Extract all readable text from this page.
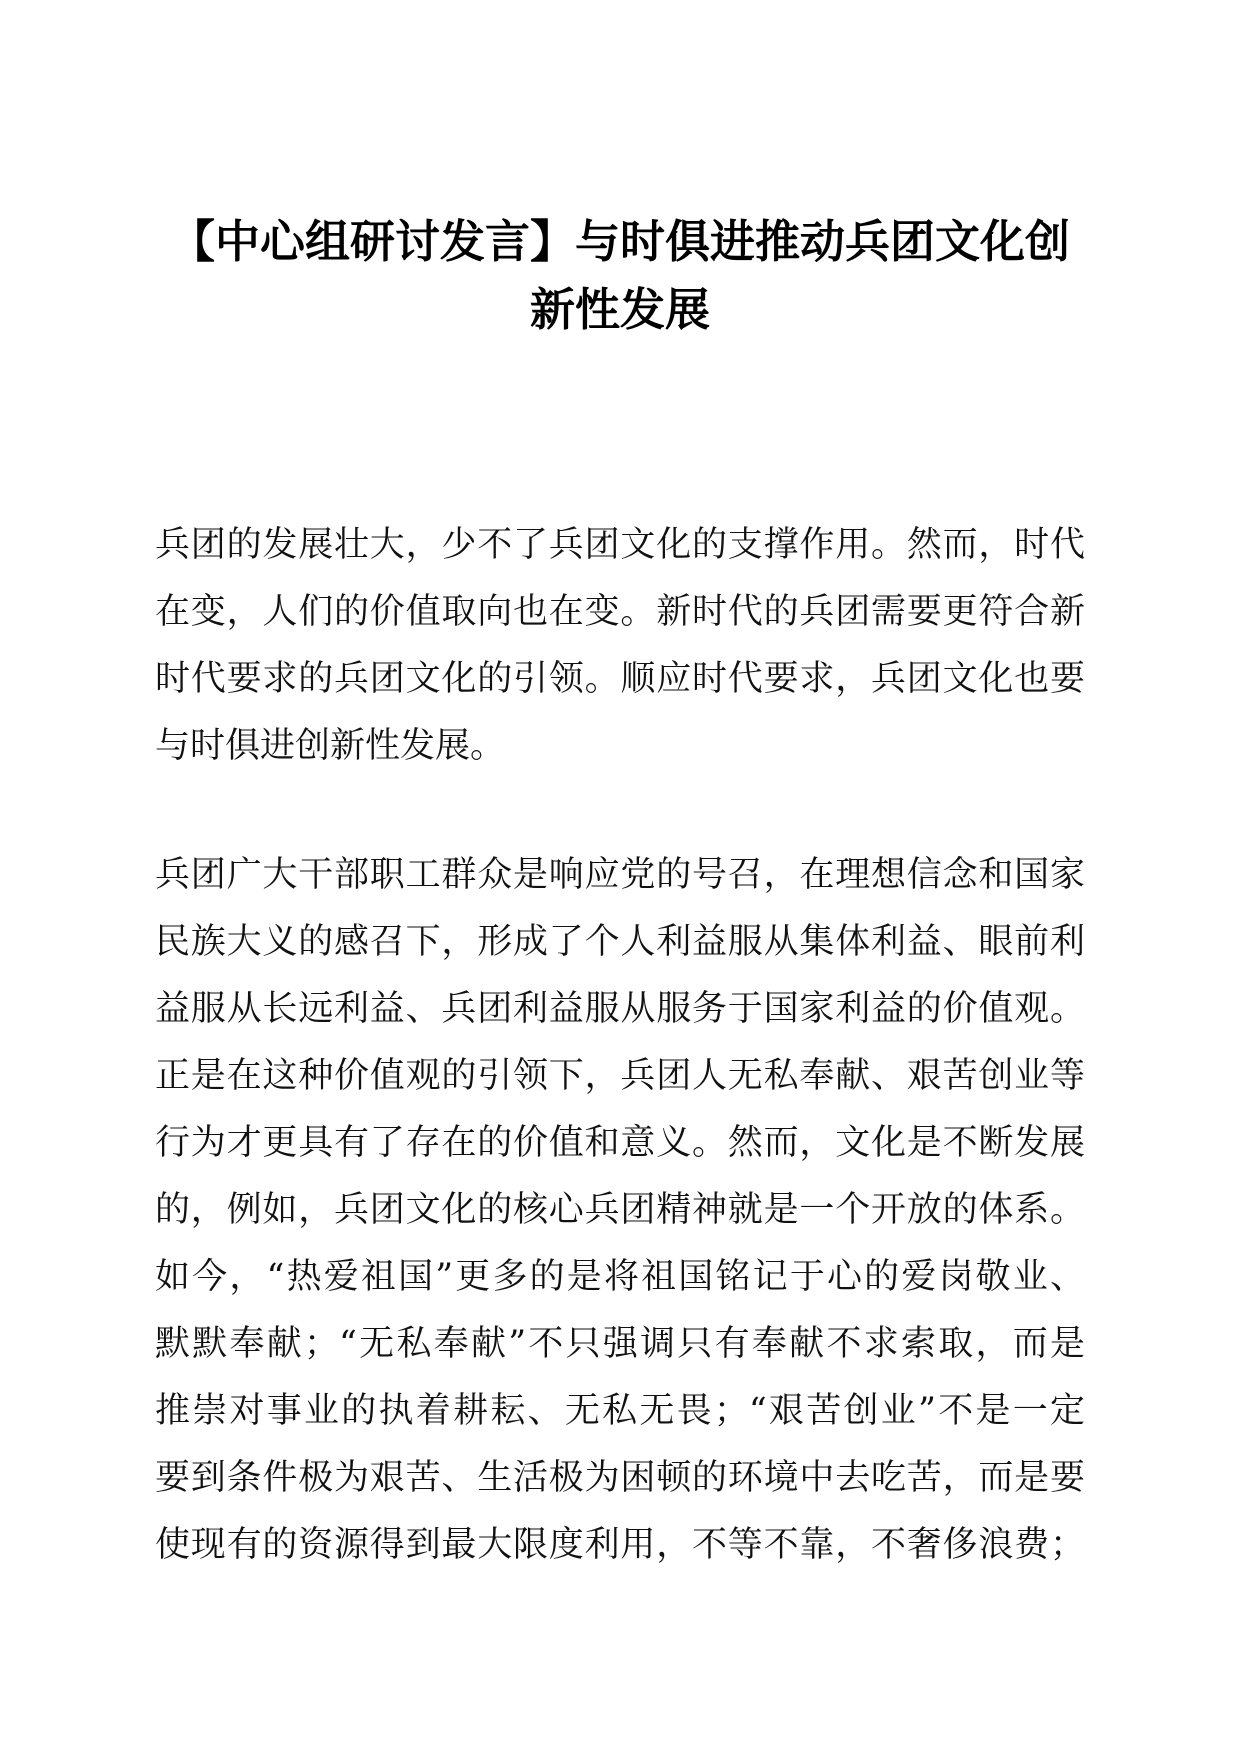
【中心组研讨发言】与时俱进推动兵团文化创
新性发展

兵团的发展壮大，少不了兵团文化的支撑作用。然而，时代
在变，人们的价值取向也在变。新时代的兵团需要更符合新
时代要求的兵团文化的引领。顺应时代要求，兵团文化也要
与时俱进创新性发展。

兵团广大干部职工群众是响应党的号召，在理想信念和国家
民族大义的感召下，形成了个人利益服从集体利益、眼前利
益服从长远利益、兵团利益服从服务于国家利益的价值观。
正是在这种价值观的引领下，兵团人无私奉献、艰苦创业等
行为才更具有了存在的价值和意义。然而，文化是不断发展
的，例如，兵团文化的核心兵团精神就是一个开放的体系。
如今，“热爱祖国”更多的是将祖国铭记于心的爱岗敬业、
默默奉献；“无私奉献”不只强调只有奉献不求索取，而是
推崇对事业的执着耕耘、无私无畏；“艰苦创业”不是一定
要到条件极为艰苦、生活极为困顿的环境中去吃苦，而是要
使现有的资源得到最大限度利用，不等不靠，不奢侈浪费；
